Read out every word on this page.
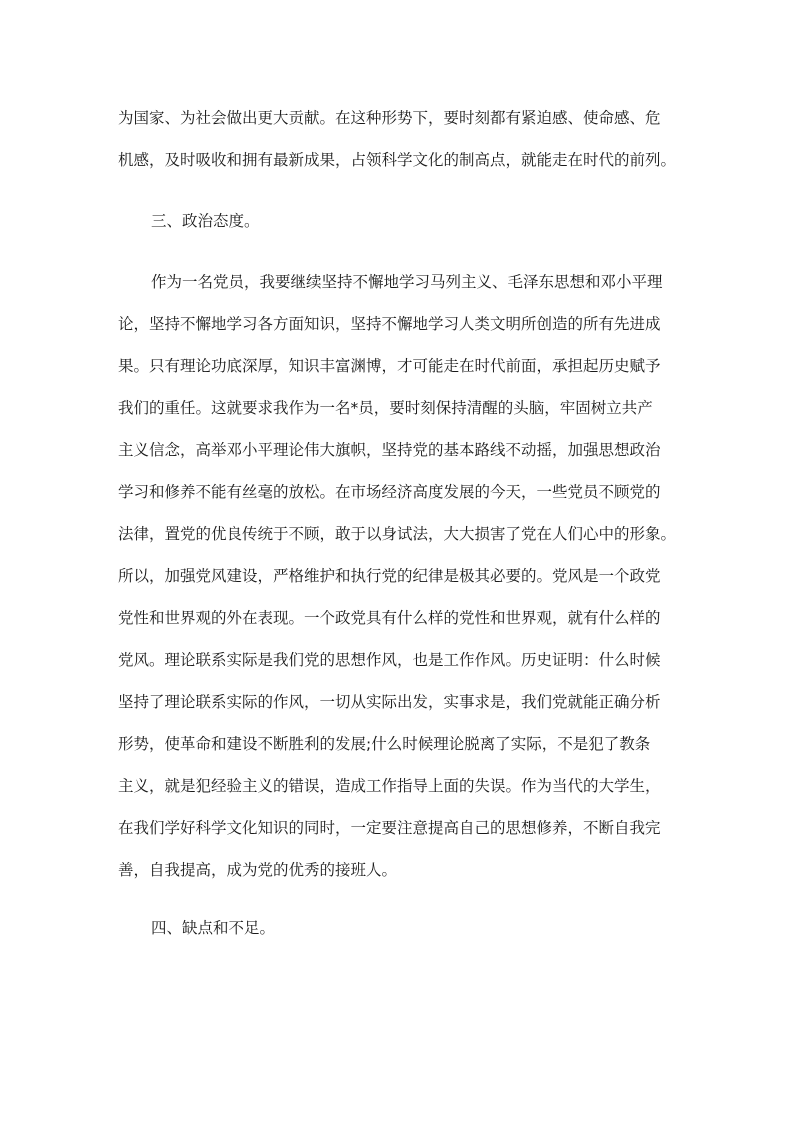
为国家、为社会做出更大贡献。在这种形势下，要时刻都有紧迫感、使命感、危
机感，及时吸收和拥有最新成果，占领科学文化的制高点，就能走在时代的前列。
三、政治态度。
作为一名党员，我要继续坚持不懈地学习马列主义、毛泽东思想和邓小平理
论，坚持不懈地学习各方面知识，坚持不懈地学习人类文明所创造的所有先进成
果。只有理论功底深厚，知识丰富渊博，才可能走在时代前面，承担起历史赋予
我们的重任。这就要求我作为一名*员，要时刻保持清醒的头脑，牢固树立共产
主义信念，高举邓小平理论伟大旗帜，坚持党的基本路线不动摇，加强思想政治
学习和修养不能有丝毫的放松。在市场经济高度发展的今天，一些党员不顾党的
法律，置党的优良传统于不顾，敢于以身试法，大大损害了党在人们心中的形象。
所以，加强党风建设，严格维护和执行党的纪律是极其必要的。党风是一个政党
党性和世界观的外在表现。一个政党具有什么样的党性和世界观，就有什么样的
党风。理论联系实际是我们党的思想作风，也是工作作风。历史证明：什么时候
坚持了理论联系实际的作风，一切从实际出发，实事求是，我们党就能正确分析
形势，使革命和建设不断胜利的发展;什么时候理论脱离了实际，不是犯了教条
主义，就是犯经验主义的错误，造成工作指导上面的失误。作为当代的大学生，
在我们学好科学文化知识的同时，一定要注意提高自己的思想修养，不断自我完
善，自我提高，成为党的优秀的接班人。
四、缺点和不足。
